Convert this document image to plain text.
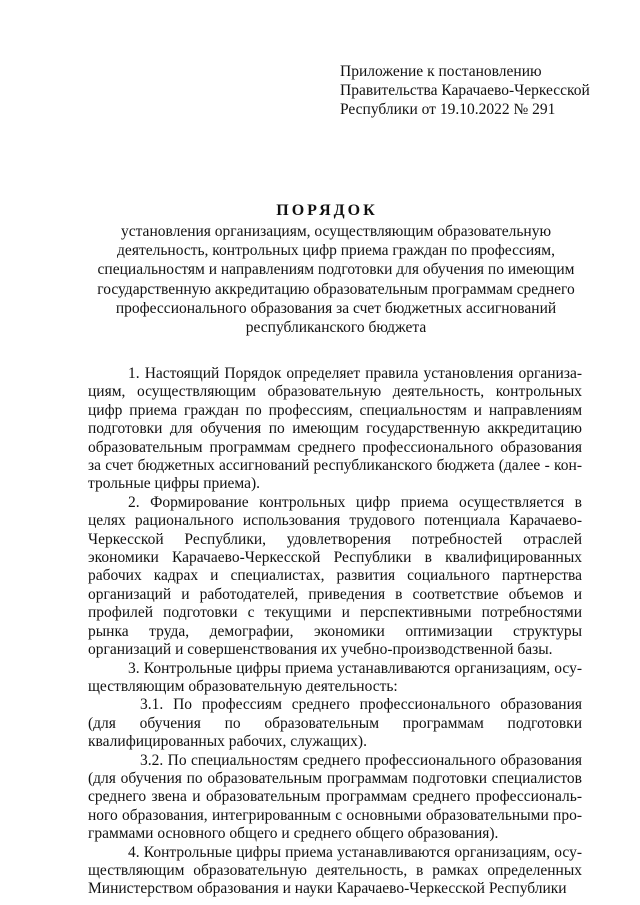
Приложение к постановлению
Правительства Карачаево-Черкесской
Республики от 19.10.2022 № 291
ПОРЯДОК
установления организациям, осуществляющим образовательную
деятельность, контрольных цифр приема граждан по профессиям,
специальностям и направлениям подготовки для обучения по имеющим
государственную аккредитацию образовательным программам среднего
профессионального образования за счет бюджетных ассигнований
республиканского бюджета

1. Настоящий Порядок определяет правила установления организациям, осуществляющим образовательную деятельность, контрольных цифр приема граждан по профессиям, специальностям и направлениям подготовки для обучения по имеющим государственную аккредитацию образовательным программам среднего профессионального образования за счет бюджетных ассигнований республиканского бюджета (далее - контрольные цифры приема).

2. Формирование контрольных цифр приема осуществляется в целях рационального использования трудового потенциала Карачаево-Черкесской Республики, удовлетворения потребностей отраслей экономики Карачаево-Черкесской Республики в квалифицированных рабочих кадрах и специалистах, развития социального партнерства организаций и работодателей, приведения в соответствие объемов и профилей подготовки с текущими и перспективными потребностями рынка труда, демографии, экономики оптимизации структуры организаций и совершенствования их учебно-производственной базы.

3. Контрольные цифры приема устанавливаются организациям, осуществляющим образовательную деятельность:

3.1. По профессиям среднего профессионального образования (для обучения по образовательным программам подготовки квалифицированных рабочих, служащих).

3.2. По специальностям среднего профессионального образования (для обучения по образовательным программам подготовки специалистов среднего звена и образовательным программам среднего профессионального образования, интегрированным с основными образовательными программами основного общего и среднего общего образования).

4. Контрольные цифры приема устанавливаются организациям, осуществляющим образовательную деятельность, в рамках определенных Министерством образования и науки Карачаево-Черкесской Республики
